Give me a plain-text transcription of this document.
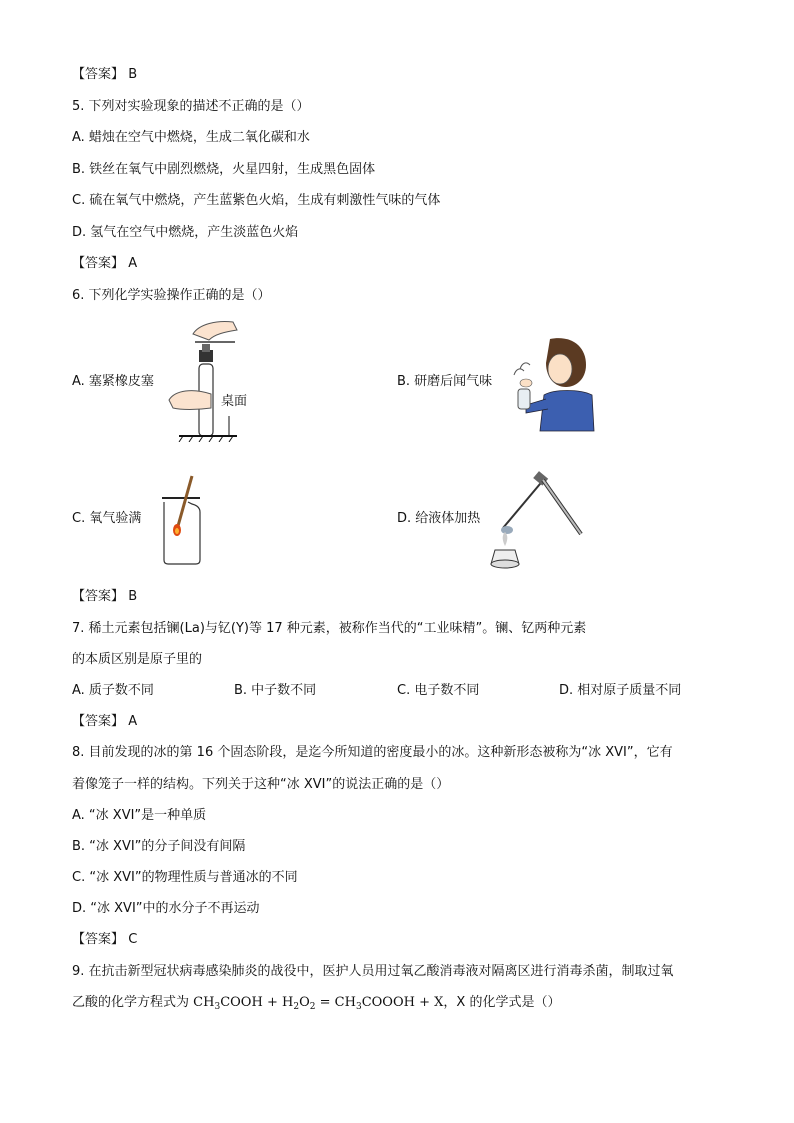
【答案】 B
5. 下列对实验现象的描述不正确的是（）
A. 蜡烛在空气中燃烧，生成二氧化碳和水
B. 铁丝在氧气中剧烈燃烧，火星四射，生成黑色固体
C. 硫在氧气中燃烧，产生蓝紫色火焰，生成有刺激性气味的气体
D. 氢气在空气中燃烧，产生淡蓝色火焰
【答案】 A
6. 下列化学实验操作正确的是（）
A. 塞紧橡皮塞
桌面
B. 研磨后闻气味
C. 氧气验满	D. 给液体加热
【答案】 B
7. 稀土元素包括镧(La)与钇(Y)等 17 种元素，被称作当代的“工业味精”。镧、钇两种元素
的本质区别是原子里的
A. 质子数不同	B. 中子数不同	C. 电子数不同	D. 相对原子质量不同
【答案】 A
8. 目前发现的冰的第 16 个固态阶段，是迄今所知道的密度最小的冰。这种新形态被称为“冰 XVI”，它有
着像笼子一样的结构。下列关于这种“冰 XVI”的说法正确的是（）
A. “冰 XVI”是一种单质
B. “冰 XVI”的分子间没有间隔
C. “冰 XVI”的物理性质与普通冰的不同
D. “冰 XVI”中的水分子不再运动
【答案】 C
9. 在抗击新型冠状病毒感染肺炎的战役中，医护人员用过氧乙酸消毒液对隔离区进行消毒杀菌，制取过氧
乙酸的化学方程式为 $CH_3COOH + H_2O_2$ = $CH_3COOOH + X$，X 的化学式是（）
